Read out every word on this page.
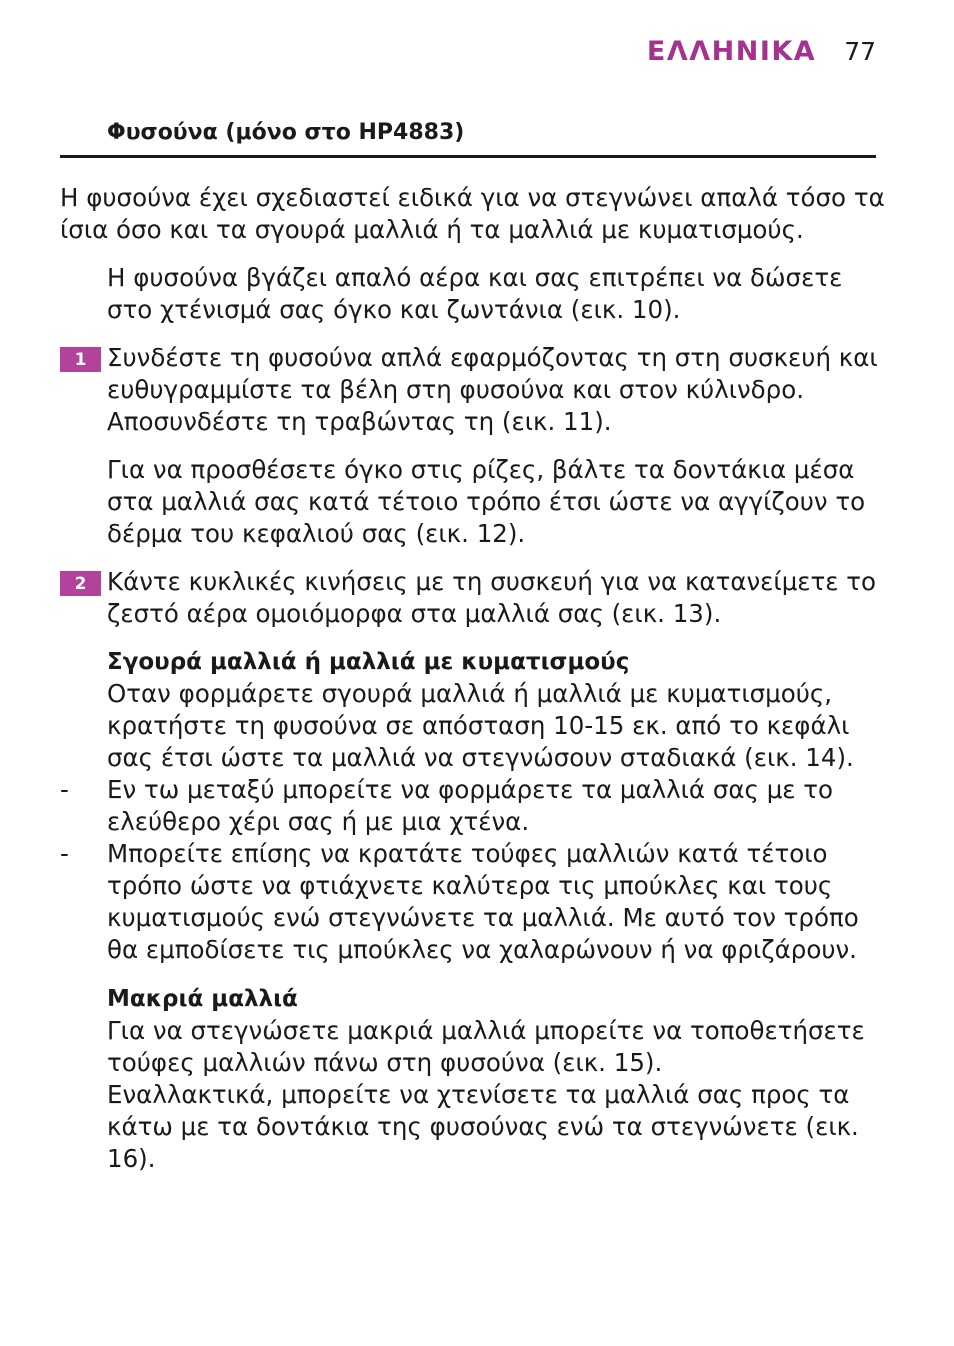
ΕΛΛΗΝΙΚΑ 77
Φυσούνα (μόνο στο HP4883)

Η φυσούνα έχει σχεδιαστεί ειδικά για να στεγνώνει απαλά τόσο τα ίσια όσο και τα σγουρά μαλλιά ή τα μαλλιά με κυματισμούς.

Η φυσούνα βγάζει απαλό αέρα και σας επιτρέπει να δώσετε στο χτένισμά σας όγκο και ζωντάνια (εικ. 10).

1 Συνδέστε τη φυσούνα απλά εφαρμόζοντας τη στη συσκευή και ευθυγραμμίστε τα βέλη στη φυσούνα και στον κύλινδρο. Αποσυνδέστε τη τραβώντας τη (εικ. 11).

Για να προσθέσετε όγκο στις ρίζες, βάλτε τα δοντάκια μέσα στα μαλλιά σας κατά τέτοιο τρόπο έτσι ώστε να αγγίζουν το δέρμα του κεφαλιού σας (εικ. 12).

2 Κάντε κυκλικές κινήσεις με τη συσκευή για να κατανείμετε το ζεστό αέρα ομοιόμορφα στα μαλλιά σας (εικ. 13).

Σγουρά μαλλιά ή μαλλιά με κυματισμούς

Οταν φορμάρετε σγουρά μαλλιά ή μαλλιά με κυματισμούς, κρατήστε τη φυσούνα σε απόσταση 10-15 εκ. από το κεφάλι σας έτσι ώστε τα μαλλιά να στεγνώσουν σταδιακά (εικ. 14).

-	Εν τω μεταξύ μπορείτε να φορμάρετε τα μαλλιά σας με το ελεύθερο χέρι σας ή με μια χτένα.

-	Μπορείτε επίσης να κρατάτε τούφες μαλλιών κατά τέτοιο τρόπο ώστε να φτιάχνετε καλύτερα τις μπούκλες και τους κυματισμούς ενώ στεγνώνετε τα μαλλιά. Με αυτό τον τρόπο θα εμποδίσετε τις μπούκλες να χαλαρώνουν ή να φριζάρουν.

Μακριά μαλλιά

Για να στεγνώσετε μακριά μαλλιά μπορείτε να τοποθετήσετε τούφες μαλλιών πάνω στη φυσούνα (εικ. 15).

Εναλλακτικά, μπορείτε να χτενίσετε τα μαλλιά σας προς τα κάτω με τα δοντάκια της φυσούνας ενώ τα στεγνώνετε (εικ. 16).
